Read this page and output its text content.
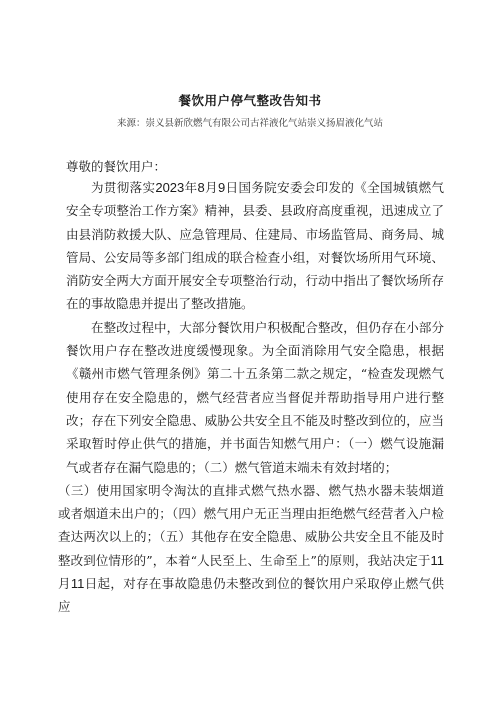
餐饮用户停气整改告知书
来源：崇义县新欣燃气有限公司古祥液化气站崇义扬眉液化气站
尊敬的餐饮用户：

为贯彻落实2023年8月9日国务院安委会印发的《全国城镇燃气安全专项整治工作方案》精神，县委、县政府高度重视，迅速成立了由县消防救援大队、应急管理局、住建局、市场监管局、商务局、城管局、公安局等多部门组成的联合检查小组，对餐饮场所用气环境、消防安全两大方面开展安全专项整治行动，行动中指出了餐饮场所存在的事故隐患并提出了整改措施。

在整改过程中，大部分餐饮用户积极配合整改，但仍存在小部分餐饮用户存在整改进度缓慢现象。为全面消除用气安全隐患，根据《赣州市燃气管理条例》第二十五条第二款之规定，“检查发现燃气使用存在安全隐患的，燃气经营者应当督促并帮助指导用户进行整改；存在下列安全隐患、威胁公共安全且不能及时整改到位的，应当采取暂时停止供气的措施，并书面告知燃气用户：（一）燃气设施漏气或者存在漏气隐患的；（二）燃气管道末端未有效封堵的；

（三）使用国家明令淘汰的直排式燃气热水器、燃气热水器未装烟道或者烟道未出户的；（四）燃气用户无正当理由拒绝燃气经营者入户检查达两次以上的；（五）其他存在安全隐患、威胁公共安全且不能及时整改到位情形的”，本着“人民至上、生命至上”的原则，我站决定于11月11日起，对存在事故隐患仍未整改到位的餐饮用户采取停止燃气供应
